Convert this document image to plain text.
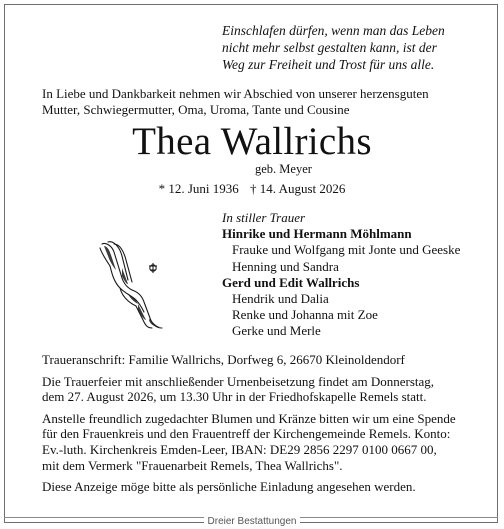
Einschlafen dürfen, wenn man das Leben
nicht mehr selbst gestalten kann, ist der
Weg zur Freiheit und Trost für uns alle.
In Liebe und Dankbarkeit nehmen wir Abschied von unserer herzensguten
Mutter, Schwiegermutter, Oma, Uroma, Tante und Cousine
Thea Wallrichs
geb. Meyer
* 12. Juni 1936 † 14. August 2026
In stiller Trauer
Hinrike und Hermann Möhlmann
Frauke und Wolfgang mit Jonte und Geeske
Henning und Sandra
Gerd und Edit Wallrichs
Hendrik und Dalia
Renke und Johanna mit Zoe
Gerke und Merle
Traueranschrift: Familie Wallrichs, Dorfweg 6, 26670 Kleinoldendorf
Die Trauerfeier mit anschließender Urnenbeisetzung findet am Donnerstag,
dem 27. August 2026, um 13.30 Uhr in der Friedhofskapelle Remels statt.
Anstelle freundlich zugedachter Blumen und Kränze bitten wir um eine Spende
für den Frauenkreis und den Frauentreff der Kirchengemeinde Remels. Konto:
Ev.-luth. Kirchenkreis Emden-Leer, IBAN: DE29 2856 2297 0100 0667 00,
mit dem Vermerk "Frauenarbeit Remels, Thea Wallrichs".
Diese Anzeige möge bitte als persönliche Einladung angesehen werden.
Dreier Bestattungen
